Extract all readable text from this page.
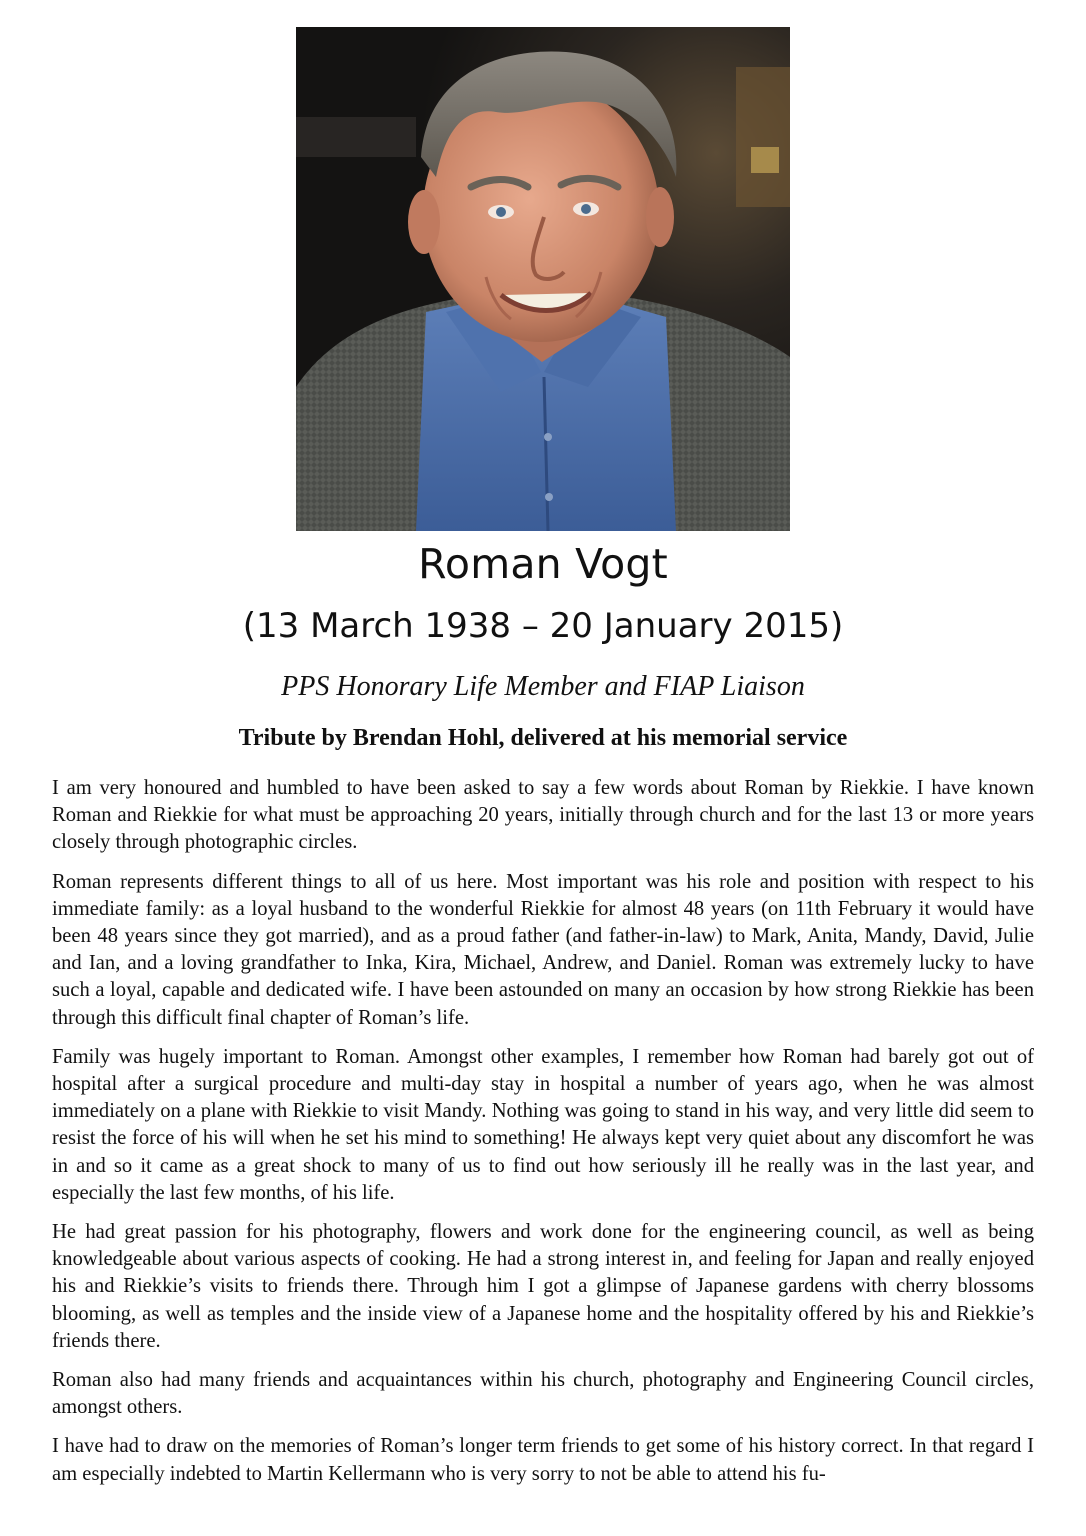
Roman Vogt
(13 March 1938 – 20 January 2015)
PPS Honorary Life Member and FIAP Liaison
Tribute by Brendan Hohl, delivered at his memorial service

I am very honoured and humbled to have been asked to say a few words about Roman by Riekkie. I have known Roman and Riekkie for what must be approaching 20 years, initially through church and for the last 13 or more years closely through photographic circles.

Roman represents different things to all of us here. Most important was his role and position with respect to his immediate family: as a loyal husband to the wonderful Riekkie for almost 48 years (on 11th February it would have been 48 years since they got married), and as a proud father (and father-in-law) to Mark, Anita, Mandy, David, Julie and Ian, and a loving grandfather to Inka, Kira, Michael, Andrew, and Daniel. Roman was extremely lucky to have such a loyal, capable and dedicated wife. I have been astounded on many an occasion by how strong Riekkie has been through this difficult final chapter of Roman’s life.

Family was hugely important to Roman. Amongst other examples, I remember how Roman had barely got out of hospital after a surgical procedure and multi-day stay in hospital a number of years ago, when he was almost immediately on a plane with Riekkie to visit Mandy. Nothing was going to stand in his way, and very little did seem to resist the force of his will when he set his mind to something! He always kept very quiet about any discomfort he was in and so it came as a great shock to many of us to find out how seriously ill he really was in the last year, and especially the last few months, of his life.

He had great passion for his photography, flowers and work done for the engineering council, as well as being knowledgeable about various aspects of cooking. He had a strong interest in, and feeling for Japan and really enjoyed his and Riekkie’s visits to friends there. Through him I got a glimpse of Japanese gardens with cherry blossoms blooming, as well as temples and the inside view of a Japanese home and the hospitality offered by his and Riekkie’s friends there.

Roman also had many friends and acquaintances within his church, photography and Engineering Council circles, amongst others.

I have had to draw on the memories of Roman’s longer term friends to get some of his history correct. In that regard I am especially indebted to Martin Kellermann who is very sorry to not be able to attend his fu-
